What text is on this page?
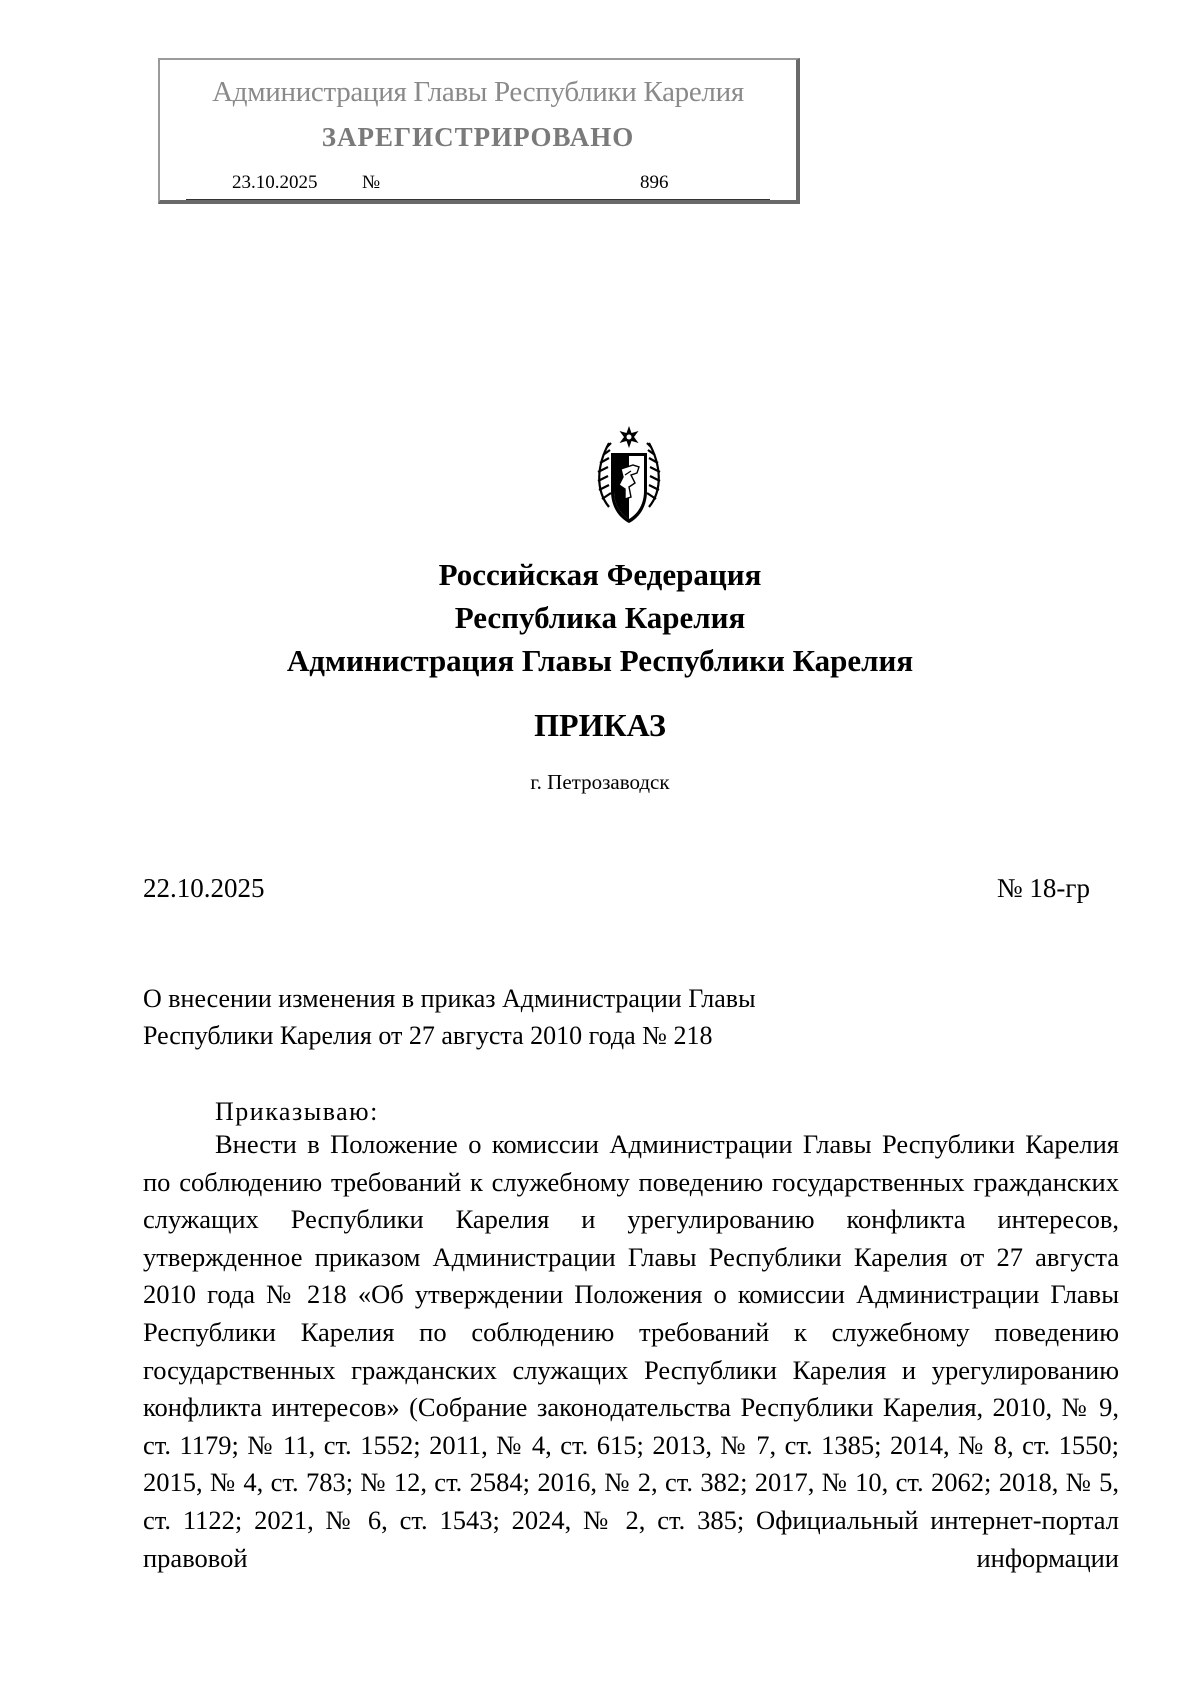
Администрация Главы Республики Карелия
ЗАРЕГИСТРИРОВАНО
23.10.2025	№	896
Российская Федерация
Республика Карелия
Администрация Главы Республики Карелия
ПРИКАЗ
г. Петрозаводск
22.10.2025	№ 18-гр
О внесении изменения в приказ Администрации Главы Республики Карелия от 27 августа 2010 года № 218
Приказываю:
Внести в Положение о комиссии Администрации Главы Республики Карелия по соблюдению требований к служебному поведению государственных гражданских служащих Республики Карелия и урегулированию конфликта интересов, утвержденное приказом Администрации Главы Республики Карелия от 27 августа 2010 года № 218 «Об утверждении Положения о комиссии Администрации Главы Республики Карелия по соблюдению требований к служебному поведению государственных гражданских служащих Республики Карелия и урегулированию конфликта интересов» (Собрание законодательства Республики Карелия, 2010, № 9, ст. 1179; № 11, ст. 1552; 2011, № 4, ст. 615; 2013, № 7, ст. 1385; 2014, № 8, ст. 1550; 2015, № 4, ст. 783; № 12, ст. 2584; 2016, № 2, ст. 382; 2017, № 10, ст. 2062; 2018, № 5, ст. 1122; 2021, № 6, ст. 1543; 2024, № 2, ст. 385; Официальный интернет-портал правовой информации
